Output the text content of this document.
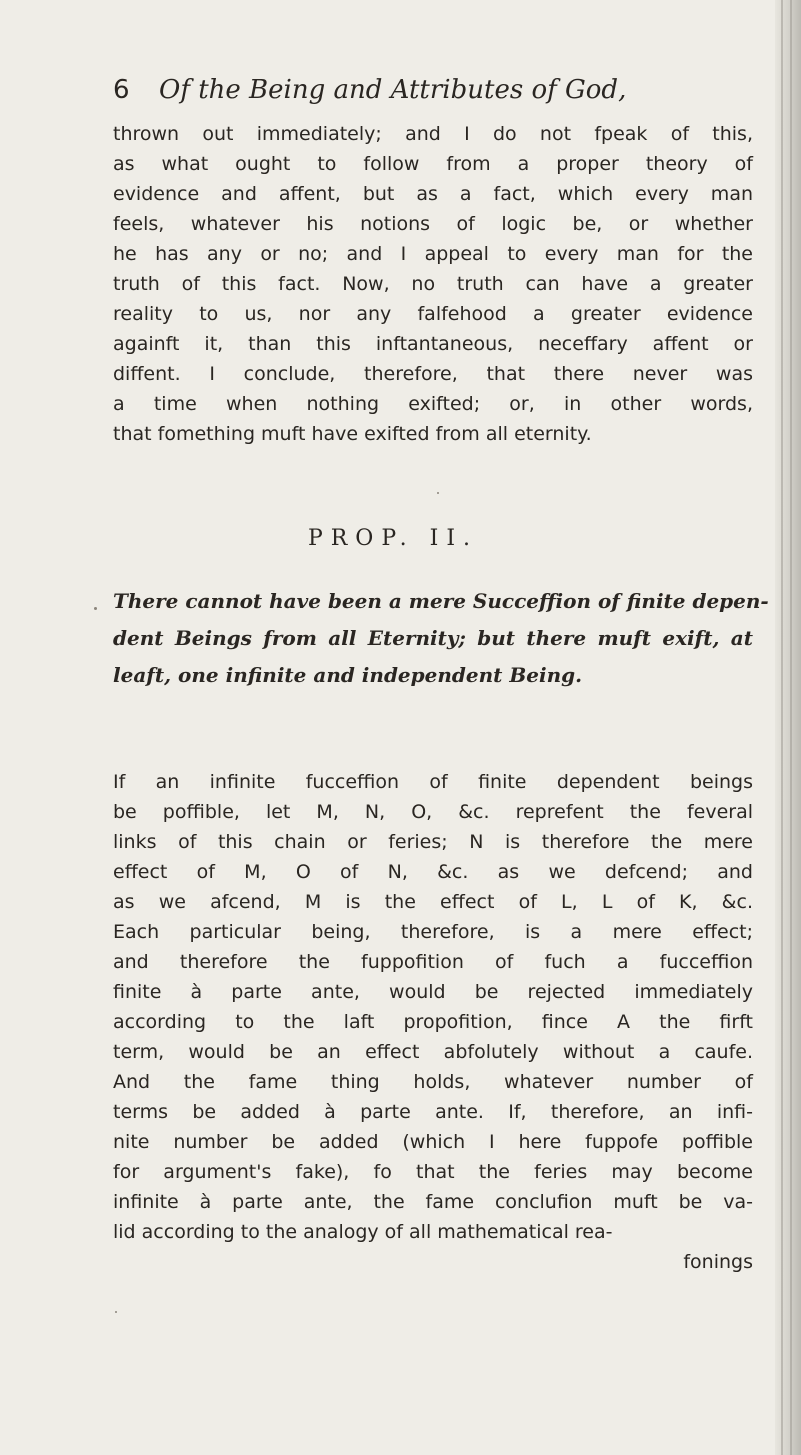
6 Of the Being and Attributes of God,
thrown out immediately; and I do not fpeak of this,
as what ought to follow from a proper theory of
evidence and affent, but as a fact, which every man
feels, whatever his notions of logic be, or whether
he has any or no; and I appeal to every man for the
truth of this fact. Now, no truth can have a greater
reality to us, nor any falfehood a greater evidence
againft it, than this inftantaneous, neceffary affent or
diffent. I conclude, therefore, that there never was
a time when nothing exifted; or, in other words,
that fomething muft have exifted from all eternity.
PROP. II.
There cannot have been a mere Succeffion of finite depen-
dent Beings from all Eternity; but there muft exift, at
leaft, one infinite and independent Being.
If an infinite fucceffion of finite dependent beings
be poffible, let M, N, O, &c. reprefent the feveral
links of this chain or feries; N is therefore the mere
effect of M, O of N, &c. as we defcend; and
as we afcend, M is the effect of L, L of K, &c.
Each particular being, therefore, is a mere effect;
and therefore the fuppofition of fuch a fucceffion
finite à parte ante, would be rejected immediately
according to the laft propofition, fince A the firft
term, would be an effect abfolutely without a caufe.
And the fame thing holds, whatever number of
terms be added à parte ante. If, therefore, an infi-
nite number be added (which I here fuppofe poffible
for argument's fake), fo that the feries may become
infinite à parte ante, the fame conclufion muft be va-
lid according to the analogy of all mathematical rea-
fonings
